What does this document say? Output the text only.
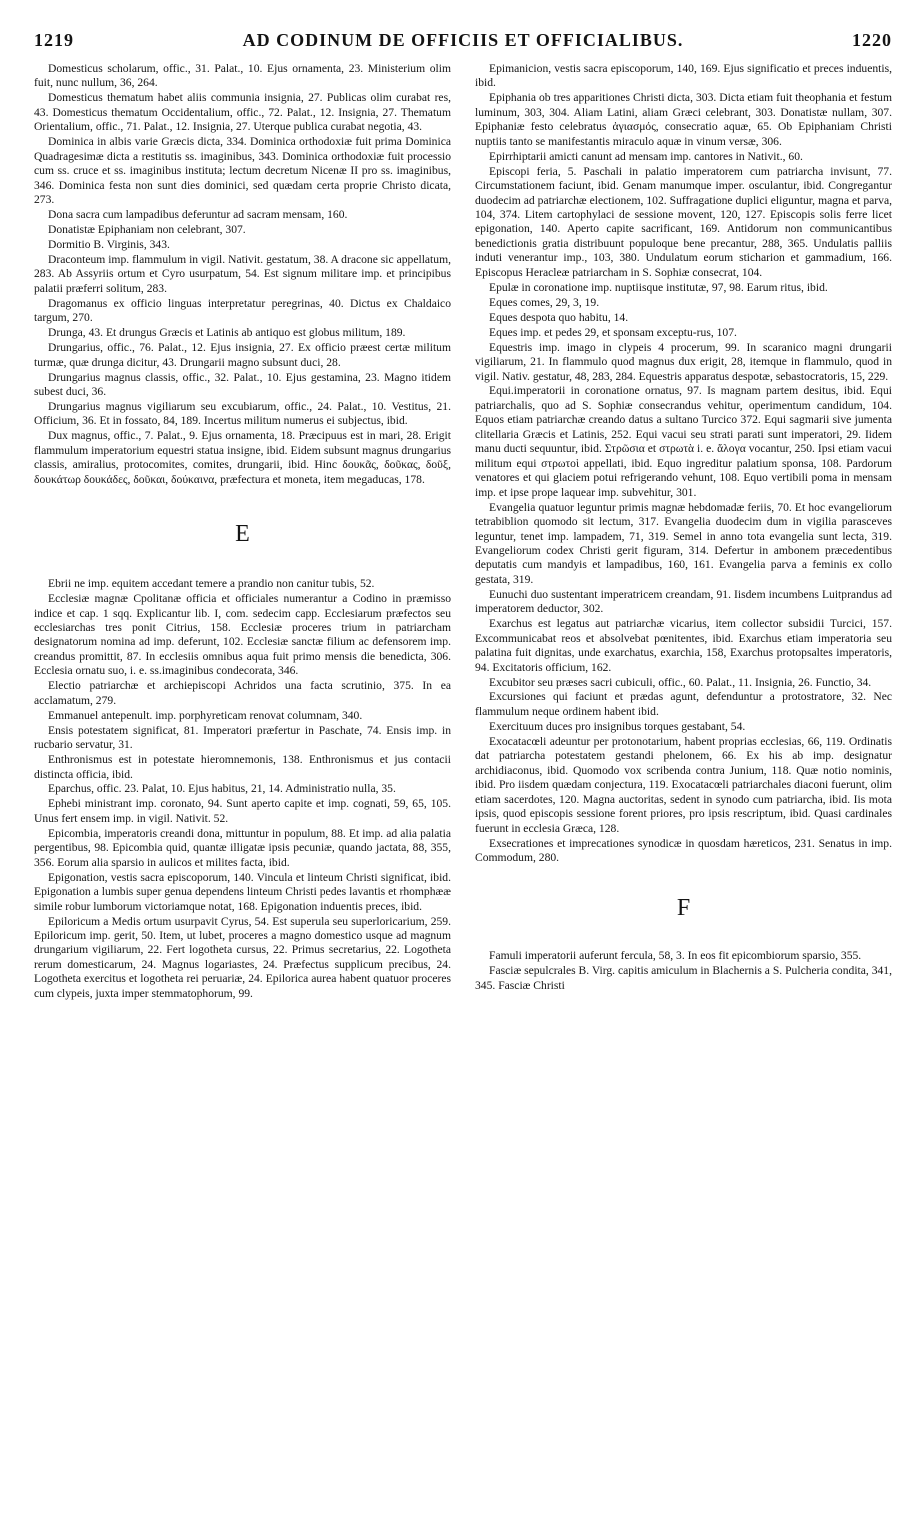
1219	AD CODINUM DE OFFICIIS ET OFFICIALIBUS.	1220

Domesticus scholarum, offic., 31. Palat., 10. Ejus ornamenta, 23. Ministerium olim fuit, nunc nullum, 36, 264.

Domesticus thematum habet aliis communia insignia, 27. Publicas olim curabat res, 43. Domesticus thematum Occidentalium, offic., 72. Palat., 12. Insignia, 27. Thematum Orientalium, offic., 71. Palat., 12. Insignia, 27. Uterque publica curabat negotia, 43.

Dominica in albis varie Græcis dicta, 334. Dominica orthodoxiæ fuit prima Dominica Quadragesimæ dicta a restitutis ss. imaginibus, 343. Dominica orthodoxiæ fuit processio cum ss. cruce et ss. imaginibus instituta; lectum decretum Nicenæ II pro ss. imaginibus, 346. Dominica festa non sunt dies dominici, sed quædam certa proprie Christo dicata, 273.

Dona sacra cum lampadibus deferuntur ad sacram mensam, 160.

Donatistæ Epiphaniam non celebrant, 307.

Dormitio B. Virginis, 343.

Draconteum imp. flammulum in vigil. Nativit. gestatum, 38. A dracone sic appellatum, 283. Ab Assyriis ortum et Cyro usurpatum, 54. Est signum militare imp. et principibus palatii præferri solitum, 283.

Dragomanus ex officio linguas interpretatur peregrinas, 40. Dictus ex Chaldaico targum, 270.

Drunga, 43. Et drungus Græcis et Latinis ab antiquo est globus militum, 189.

Drungarius, offic., 76. Palat., 12. Ejus insignia, 27. Ex officio præest certæ militum turmæ, quæ drunga dicitur, 43. Drungarii magno subsunt duci, 28.

Drungarius magnus classis, offic., 32. Palat., 10. Ejus gestamina, 23. Magno itidem subest duci, 36.

Drungarius magnus vigiliarum seu excubiarum, offic., 24. Palat., 10. Vestitus, 21. Officium, 36. Et in fossato, 84, 189. Incertus militum numerus ei subjectus, ibid.

Dux magnus, offic., 7. Palat., 9. Ejus ornamenta, 18. Præcipuus est in mari, 28. Erigit flammulum imperatorium equestri statua insigne, ibid. Eidem subsunt magnus drungarius classis, amiralius, protocomites, comites, drungarii, ibid. Hinc δουκᾶς, δοῦκας, δοῦξ, δουκάτωρ δουκάδες, δοῦκαι, δούκαινα, præfectura et moneta, item megaducas, 178.

E

Ebrii ne imp. equitem accedant temere a prandio non canitur tubis, 52.

Ecclesiæ magnæ Cpolitanæ officia et officiales numerantur a Codino in præmisso indice et cap. 1 sqq. Explicantur lib. I, com. sedecim capp. Ecclesiarum præfectos seu ecclesiarchas tres ponit Citrius, 158. Ecclesiæ proceres trium in patriarcham designatorum nomina ad imp. deferunt, 102. Ecclesiæ sanctæ filium ac defensorem imp. creandus promittit, 87. In ecclesiis omnibus aqua fuit primo mensis die benedicta, 306. Ecclesia ornatu suo, i. e. ss.imaginibus condecorata, 346.

Electio patriarchæ et archiepiscopi Achridos una facta scrutinio, 375. In ea acclamatum, 279.

Emmanuel antepenult. imp. porphyreticam renovat columnam, 340.

Ensis potestatem significat, 81. Imperatori præfertur in Paschate, 74. Ensis imp. in rucbario servatur, 31.

Enthronismus est in potestate hieromnemonis, 138. Enthronismus et jus contacii distincta officia, ibid.

Eparchus, offic. 23. Palat, 10. Ejus habitus, 21, 14. Administratio nulla, 35.

Ephebi ministrant imp. coronato, 94. Sunt aperto capite et imp. cognati, 59, 65, 105. Unus fert ensem imp. in vigil. Nativit. 52.

Epicombia, imperatoris creandi dona, mittuntur in populum, 88. Et imp. ad alia palatia pergentibus, 98. Epicombia quid, quantæ illigatæ ipsis pecuniæ, quando jactata, 88, 355, 356. Eorum alia sparsio in aulicos et milites facta, ibid.

Epigonation, vestis sacra episcoporum, 140. Vincula et linteum Christi significat, ibid. Epigonation a lumbis super genua dependens linteum Christi pedes lavantis et rhomphææ simile robur lumborum victoriamque notat, 168. Epigonation induentis preces, ibid.

Epiloricum a Medis ortum usurpavit Cyrus, 54. Est superula seu superloricarium, 259. Epiloricum imp. gerit, 50. Item, ut lubet, proceres a magno domestico usque ad magnum drungarium vigiliarum, 22. Fert logotheta cursus, 22. Primus secretarius, 22. Logotheta rerum domesticarum, 24. Magnus logariastes, 24. Præfectus supplicum precibus, 24. Logotheta exercitus et logotheta rei peruariæ, 24. Epilorica aurea habent quatuor proceres cum clypeis, juxta imper stemmatophorum, 99.

Epimanicion, vestis sacra episcoporum, 140, 169. Ejus significatio et preces induentis, ibid.

Epiphania ob tres apparitiones Christi dicta, 303. Dicta etiam fuit theophania et festum luminum, 303, 304. Aliam Latini, aliam Græci celebrant, 303. Donatistæ nullam, 307. Epiphaniæ festo celebratus ἁγιασμός, consecratio aquæ, 65. Ob Epiphaniam Christi nuptiis tanto se manifestantis miraculo aquæ in vinum versæ, 306.

Epirrhiptarii amicti canunt ad mensam imp. cantores in Nativit., 60.

Episcopi feria, 5. Paschali in palatio imperatorem cum patriarcha invisunt, 77. Circumstationem faciunt, ibid. Genam manumque imper. osculantur, ibid. Congregantur duodecim ad patriarchæ electionem, 102. Suffragatione duplici eliguntur, magna et parva, 104, 374. Litem cartophylaci de sessione movent, 120, 127. Episcopis solis ferre licet epigonation, 140. Aperto capite sacrificant, 169. Antidorum non communicantibus benedictionis gratia distribuunt populoque bene precantur, 288, 365. Undulatis palliis induti venerantur imp., 103, 380. Undulatum eorum sticharion et gammadium, 166. Episcopus Heracleæ patriarcham in S. Sophiæ consecrat, 104.

Epulæ in coronatione imp. nuptiisque institutæ, 97, 98. Earum ritus, ibid.

Eques comes, 29, 3, 19.

Eques despota quo habitu, 14.

Eques imp. et pedes 29, et sponsam exceptu-rus, 107.

Equestris imp. imago in clypeis 4 procerum, 99. In scaranico magni drungarii vigiliarum, 21. In flammulo quod magnus dux erigit, 28, itemque in flammulo, quod in vigil. Nativ. gestatur, 48, 283, 284. Equestris apparatus despotæ, sebastocratoris, 15, 229.

Equi.imperatorii in coronatione ornatus, 97. Is magnam partem desitus, ibid. Equi patriarchalis, quo ad S. Sophiæ consecrandus vehitur, operimentum candidum, 104. Equos etiam patriarchæ creando datus a sultano Turcico 372. Equi sagmarii sive jumenta clitellaria Græcis et Latinis, 252. Equi vacui seu strati parati sunt imperatori, 29. Iidem manu ducti sequuntur, ibid. Στρῶσια et στρωτὰ i. e. ἄλογα vocantur, 250. Ipsi etiam vacui militum equi στρωτοὶ appellati, ibid. Equo ingreditur palatium sponsa, 108. Pardorum venatores et qui glaciem potui refrigerando vehunt, 108. Equo vertibili poma in mensam imp. et ipse prope laquear imp. subvehitur, 301.

Evangelia quatuor leguntur primis magnæ hebdomadæ feriis, 70. Et hoc evangeliorum tetrabiblion quomodo sit lectum, 317. Evangelia duodecim dum in vigilia parasceves leguntur, tenet imp. lampadem, 71, 319. Semel in anno tota evangelia sunt lecta, 319. Evangeliorum codex Christi gerit figuram, 314. Defertur in ambonem præcedentibus deputatis cum mandyis et lampadibus, 160, 161. Evangelia parva a feminis ex collo gestata, 319.

Eunuchi duo sustentant imperatricem creandam, 91. Iisdem incumbens Luitprandus ad imperatorem deductor, 302.

Exarchus est legatus aut patriarchæ vicarius, item collector subsidii Turcici, 157. Excommunicabat reos et absolvebat pœnitentes, ibid. Exarchus etiam imperatoria seu palatina fuit dignitas, unde exarchatus, exarchia, 158, Exarchus protopsaltes imperatoris, 94. Excitatoris officium, 162.

Excubitor seu præses sacri cubiculi, offic., 60. Palat., 11. Insignia, 26. Functio, 34.

Excursiones qui faciunt et prædas agunt, defenduntur a protostratore, 32. Nec flammulum neque ordinem habent ibid.

Exercituum duces pro insignibus torques gestabant, 54.

Exocatacœli adeuntur per protonotarium, habent proprias ecclesias, 66, 119. Ordinatis dat patriarcha potestatem gestandi phelonem, 66. Ex his ab imp. designatur archidiaconus, ibid. Quomodo vox scribenda contra Junium, 118. Quæ notio nominis, ibid. Pro iisdem quædam conjectura, 119. Exocatacœli patriarchales diaconi fuerunt, olim etiam sacerdotes, 120. Magna auctoritas, sedent in synodo cum patriarcha, ibid. Iis mota ipsis, quod episcopis sessione forent priores, pro ipsis rescriptum, ibid. Quasi cardinales fuerunt in ecclesia Græca, 128.

Exsecrationes et imprecationes synodicæ in quosdam hæreticos, 231. Senatus in imp. Commodum, 280.

F

Famuli imperatorii auferunt fercula, 58, 3. In eos fit epicombiorum sparsio, 355.

Fasciæ sepulcrales B. Virg. capitis amiculum in Blachernis a S. Pulcheria condita, 341, 345. Fasciæ Christi
